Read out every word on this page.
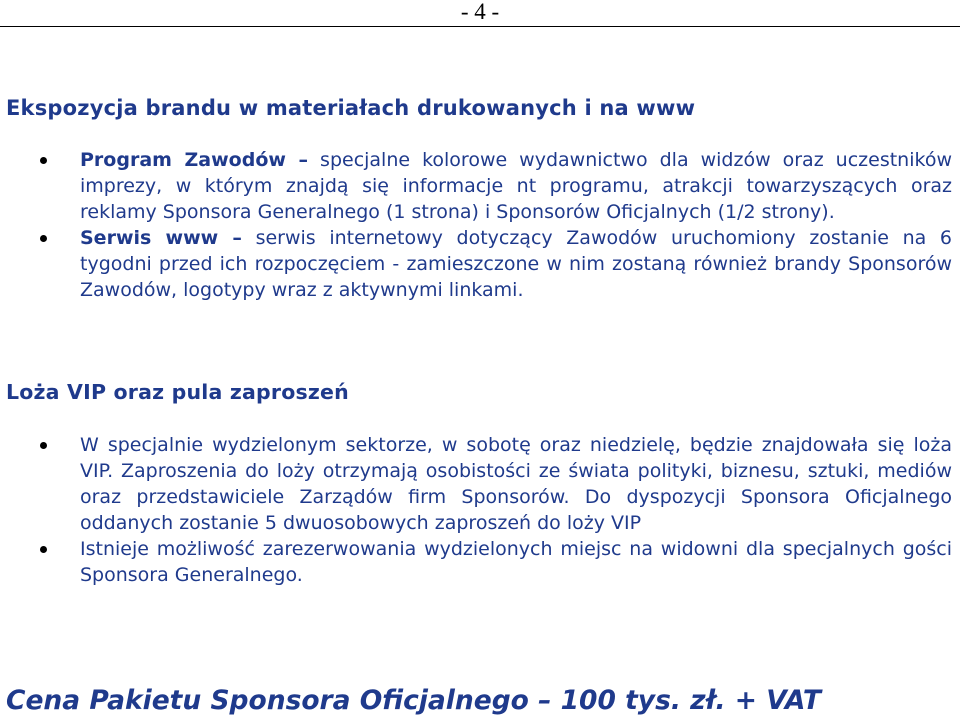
- 4 -
Ekspozycja brandu w materiałach drukowanych i na www
Program Zawodów – specjalne kolorowe wydawnictwo dla widzów oraz uczestników imprezy, w którym znajdą się informacje nt programu, atrakcji towarzyszących oraz reklamy Sponsora Generalnego (1 strona) i Sponsorów Oficjalnych (1/2 strony).
Serwis www – serwis internetowy dotyczący Zawodów uruchomiony zostanie na 6 tygodni przed ich rozpoczęciem - zamieszczone w nim zostaną również brandy Sponsorów Zawodów, logotypy wraz z aktywnymi linkami.
Loża VIP oraz pula zaproszeń
W specjalnie wydzielonym sektorze, w sobotę oraz niedzielę, będzie znajdowała się loża VIP. Zaproszenia do loży otrzymają osobistości ze świata polityki, biznesu, sztuki, mediów oraz przedstawiciele Zarządów firm Sponsorów. Do dyspozycji Sponsora Oficjalnego oddanych zostanie 5 dwuosobowych zaproszeń do loży VIP
Istnieje możliwość zarezerwowania wydzielonych miejsc na widowni dla specjalnych gości Sponsora Generalnego.

Cena Pakietu Sponsora Oficjalnego – 100 tys. zł. + VAT
